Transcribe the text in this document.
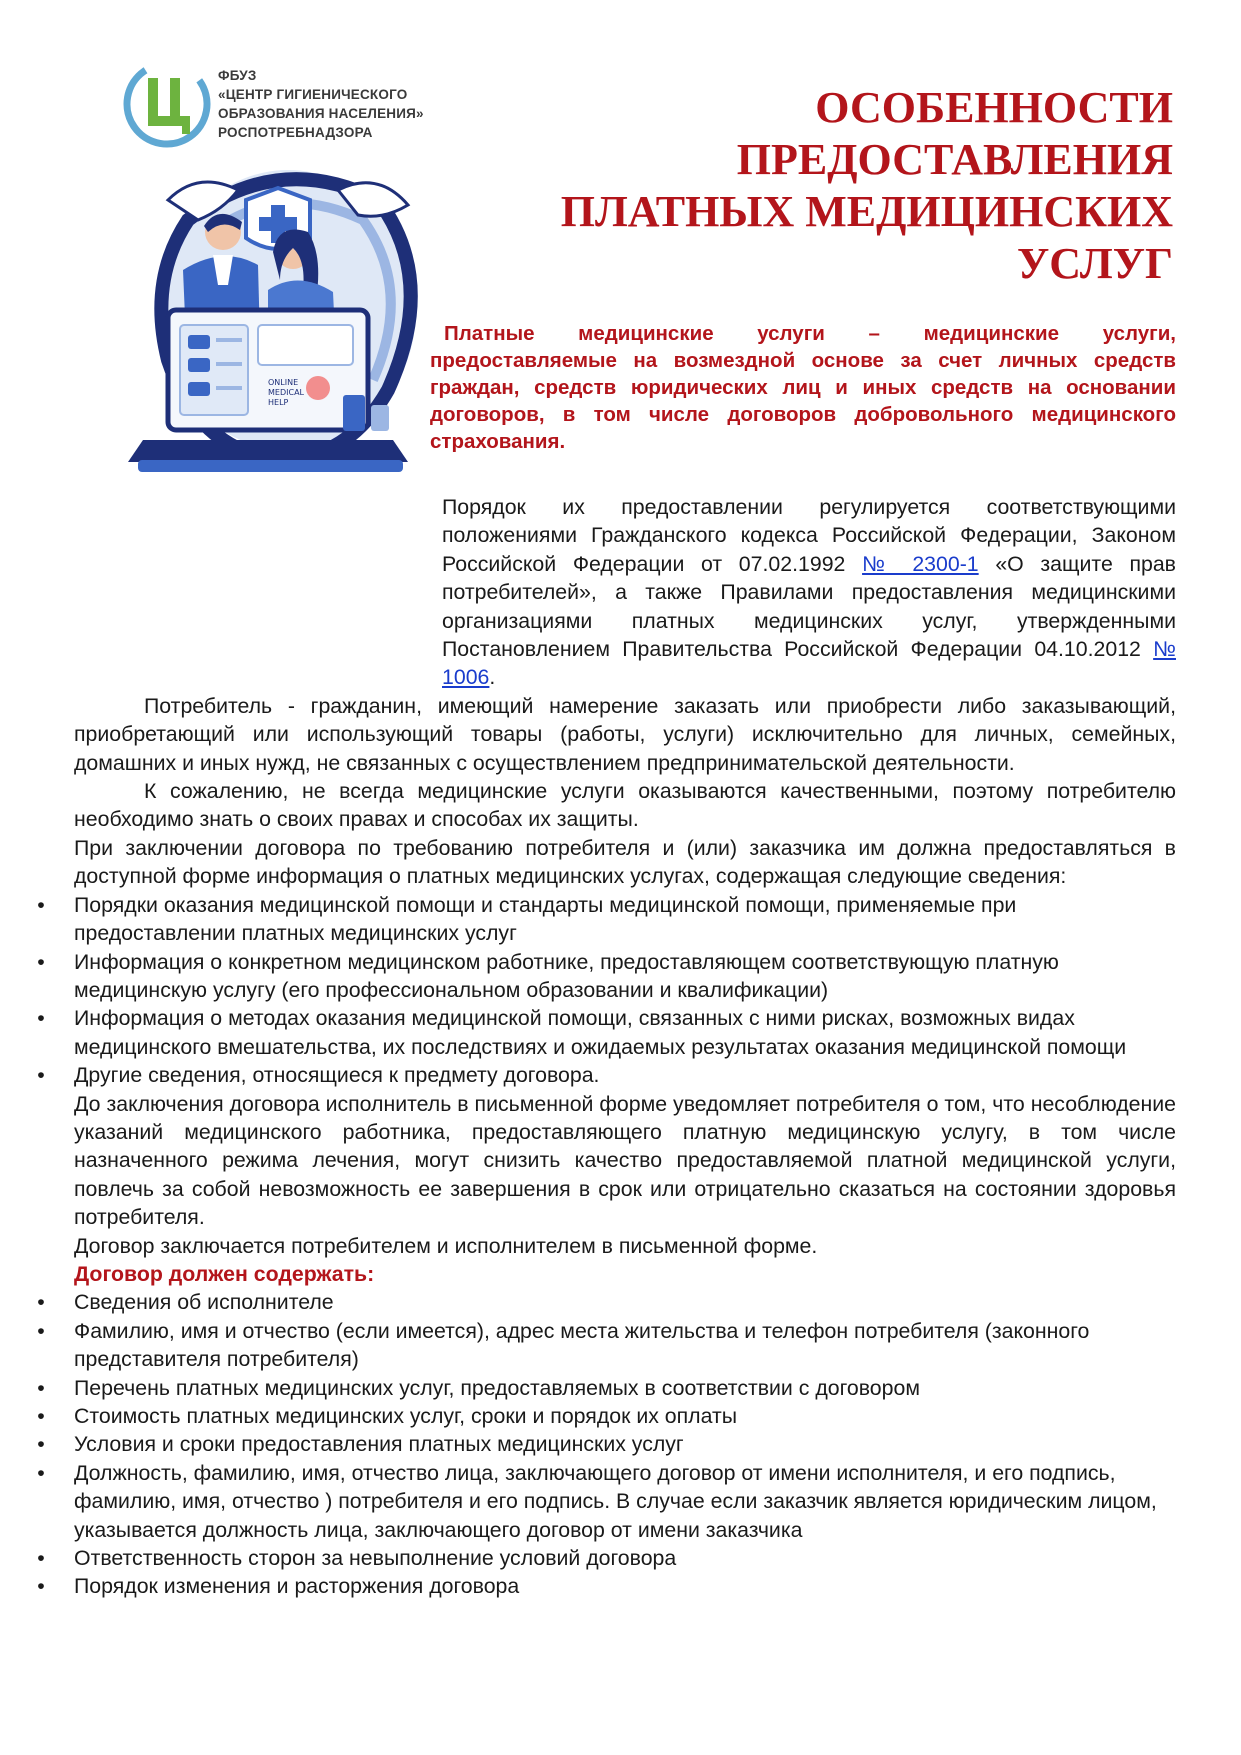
ФБУЗ
«ЦЕНТР ГИГИЕНИЧЕСКОГО
ОБРАЗОВАНИЯ НАСЕЛЕНИЯ»
РОСПОТРЕБНАДЗОРА
ОСОБЕННОСТИ
ПРЕДОСТАВЛЕНИЯ
ПЛАТНЫХ МЕДИЦИНСКИХ
УСЛУГ
ONLINE
MEDICAL
HELP

Платные медицинские услуги – медицинские услуги, предоставляемые на возмездной основе за счет личных средств граждан, средств юридических лиц и иных средств на основании договоров, в том числе договоров добровольного медицинского страхования.

Порядок их предоставлении регулируется соответствующими положениями Гражданского кодекса Российской Федерации, Законом Российской Федерации от 07.02.1992 № 2300-1 «О защите прав потребителей», а также Правилами предоставления медицинскими организациями платных медицинских услуг, утвержденными Постановлением Правительства Российской Федерации 04.10.2012 № 1006.

Потребитель - гражданин, имеющий намерение заказать или приобрести либо заказывающий, приобретающий или использующий товары (работы, услуги) исключительно для личных, семейных, домашних и иных нужд, не связанных с осуществлением предпринимательской деятельности.

К сожалению, не всегда медицинские услуги оказываются качественными, поэтому потребителю необходимо знать о своих правах и способах их защиты.

При заключении договора по требованию потребителя и (или) заказчика им должна предоставляться в доступной форме информация о платных медицинских услугах, содержащая следующие сведения:

• Порядки оказания медицинской помощи и стандарты медицинской помощи, применяемые при предоставлении платных медицинских услуг
• Информация о конкретном медицинском работнике, предоставляющем соответствующую платную медицинскую услугу (его профессиональном образовании и квалификации)
• Информация о методах оказания медицинской помощи, связанных с ними рисках, возможных видах медицинского вмешательства, их последствиях и ожидаемых результатах оказания медицинской помощи
• Другие сведения, относящиеся к предмету договора.

До заключения договора исполнитель в письменной форме уведомляет потребителя о том, что несоблюдение указаний медицинского работника, предоставляющего платную медицинскую услугу, в том числе назначенного режима лечения, могут снизить качество предоставляемой платной медицинской услуги, повлечь за собой невозможность ее завершения в срок или отрицательно сказаться на состоянии здоровья потребителя.

Договор заключается потребителем и исполнителем в письменной форме.

Договор должен содержать:

• Сведения об исполнителе
• Фамилию, имя и отчество (если имеется), адрес места жительства и телефон потребителя (законного представителя потребителя)
• Перечень платных медицинских услуг, предоставляемых в соответствии с договором
• Стоимость платных медицинских услуг, сроки и порядок их оплаты
• Условия и сроки предоставления платных медицинских услуг
• Должность, фамилию, имя, отчество лица, заключающего договор от имени исполнителя, и его подпись, фамилию, имя, отчество ) потребителя и его подпись. В случае если заказчик является юридическим лицом, указывается должность лица, заключающего договор от имени заказчика
• Ответственность сторон за невыполнение условий договора
• Порядок изменения и расторжения договора
